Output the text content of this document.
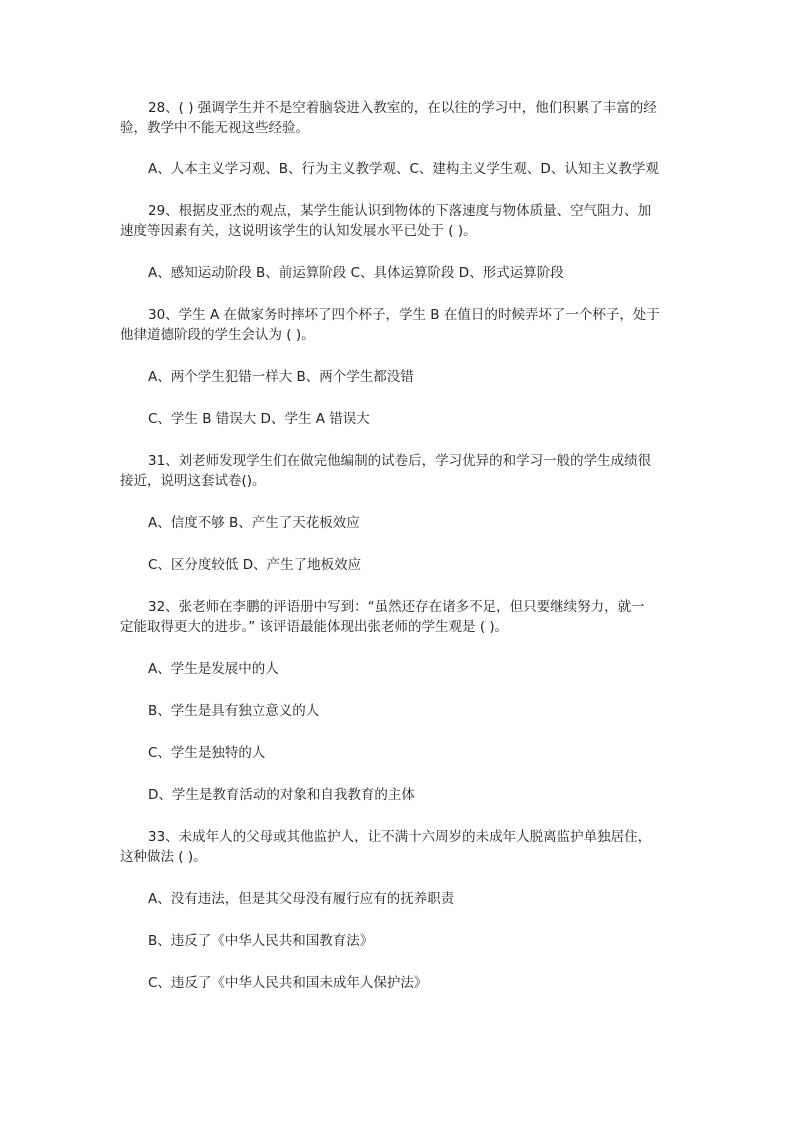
28、( ) 强调学生并不是空着脑袋进入教室的，在以往的学习中，他们积累了丰富的经
验，教学中不能无视这些经验。
A、人本主义学习观、B、行为主义教学观、C、建构主义学生观、D、认知主义教学观
29、根据皮亚杰的观点，某学生能认识到物体的下落速度与物体质量、空气阻力、加
速度等因素有关，这说明该学生的认知发展水平已处于 ( )。
A、感知运动阶段 B、前运算阶段 C、具体运算阶段 D、形式运算阶段
30、学生 A 在做家务时摔坏了四个杯子，学生 B 在值日的时候弄坏了一个杯子，处于
他律道德阶段的学生会认为 ( )。
A、两个学生犯错一样大 B、两个学生都没错
C、学生 B 错误大 D、学生 A 错误大
31、刘老师发现学生们在做完他编制的试卷后，学习优异的和学习一般的学生成绩很
接近，说明这套试卷()。
A、信度不够 B、产生了天花板效应
C、区分度较低 D、产生了地板效应
32、张老师在李鹏的评语册中写到：“虽然还存在诸多不足，但只要继续努力，就一
定能取得更大的进步。” 该评语最能体现出张老师的学生观是 ( )。
A、学生是发展中的人
B、学生是具有独立意义的人
C、学生是独特的人
D、学生是教育活动的对象和自我教育的主体
33、未成年人的父母或其他监护人，让不满十六周岁的未成年人脱离监护单独居住，
这种做法 ( )。
A、没有违法，但是其父母没有履行应有的抚养职责
B、违反了《中华人民共和国教育法》
C、违反了《中华人民共和国未成年人保护法》
